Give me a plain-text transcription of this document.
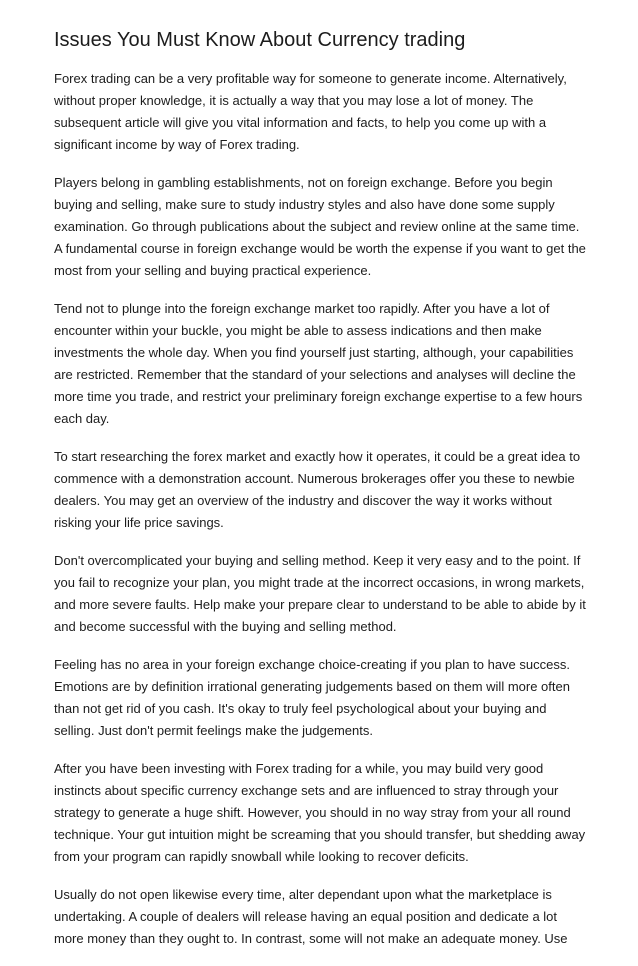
Issues You Must Know About Currency trading

Forex trading can be a very profitable way for someone to generate income. Alternatively,
without proper knowledge, it is actually a way that you may lose a lot of money. The
subsequent article will give you vital information and facts, to help you come up with a
significant income by way of Forex trading.

Players belong in gambling establishments, not on foreign exchange. Before you begin
buying and selling, make sure to study industry styles and also have done some supply
examination. Go through publications about the subject and review online at the same time.
A fundamental course in foreign exchange would be worth the expense if you want to get the
most from your selling and buying practical experience.

Tend not to plunge into the foreign exchange market too rapidly. After you have a lot of
encounter within your buckle, you might be able to assess indications and then make
investments the whole day. When you find yourself just starting, although, your capabilities
are restricted. Remember that the standard of your selections and analyses will decline the
more time you trade, and restrict your preliminary foreign exchange expertise to a few hours
each day.

To start researching the forex market and exactly how it operates, it could be a great idea to
commence with a demonstration account. Numerous brokerages offer you these to newbie
dealers. You may get an overview of the industry and discover the way it works without
risking your life price savings.

Don't overcomplicated your buying and selling method. Keep it very easy and to the point. If
you fail to recognize your plan, you might trade at the incorrect occasions, in wrong markets,
and more severe faults. Help make your prepare clear to understand to be able to abide by it
and become successful with the buying and selling method.

Feeling has no area in your foreign exchange choice-creating if you plan to have success.
Emotions are by definition irrational generating judgements based on them will more often
than not get rid of you cash. It's okay to truly feel psychological about your buying and
selling. Just don't permit feelings make the judgements.

After you have been investing with Forex trading for a while, you may build very good
instincts about specific currency exchange sets and are influenced to stray through your
strategy to generate a huge shift. However, you should in no way stray from your all round
technique. Your gut intuition might be screaming that you should transfer, but shedding away
from your program can rapidly snowball while looking to recover deficits.

Usually do not open likewise every time, alter dependant upon what the marketplace is
undertaking. A couple of dealers will release having an equal position and dedicate a lot
more money than they ought to. In contrast, some will not make an adequate money. Use
